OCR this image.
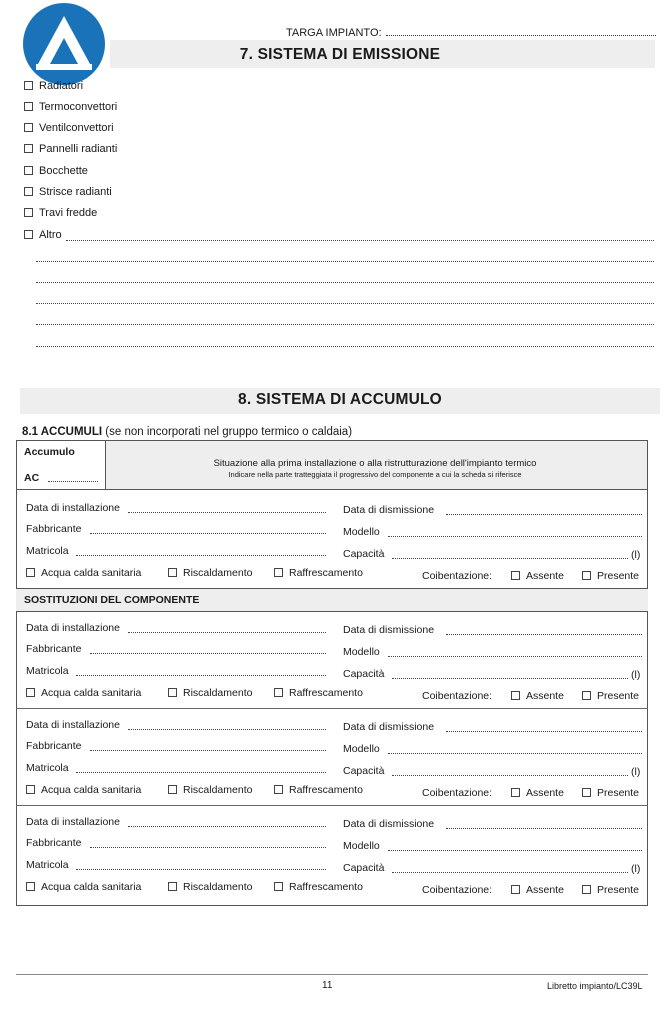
TARGA IMPIANTO:
7. SISTEMA DI EMISSIONE
Radiatori
Termoconvettori
Ventilconvettori
Pannelli radianti
Bocchette
Strisce radianti
Travi fredde
Altro
8. SISTEMA DI ACCUMULO
8.1 ACCUMULI (se non incorporati nel gruppo termico o caldaia)
Accumulo
AC
Situazione alla prima installazione o alla ristrutturazione dell'impianto termico
Indicare nella parte tratteggiata il progressivo del componente a cui la scheda si riferisce
SOSTITUZIONI DEL COMPONENTE
Data di installazione	Data di dismissione
Fabbricante	Modello
Matricola	Capacità	(l)
Acqua calda sanitaria	Riscaldamento	Raffrescamento	Coibentazione:	Assente	Presente
Data di installazione	Data di dismissione
Fabbricante	Modello
Matricola	Capacità	(l)
Acqua calda sanitaria	Riscaldamento	Raffrescamento	Coibentazione:	Assente	Presente
Data di installazione	Data di dismissione
Fabbricante	Modello
Matricola	Capacità	(l)
Acqua calda sanitaria	Riscaldamento	Raffrescamento	Coibentazione:	Assente	Presente
Data di installazione	Data di dismissione
Fabbricante	Modello
Matricola	Capacità	(l)
Acqua calda sanitaria	Riscaldamento	Raffrescamento	Coibentazione:	Assente	Presente
11	Libretto impianto/LC39L
